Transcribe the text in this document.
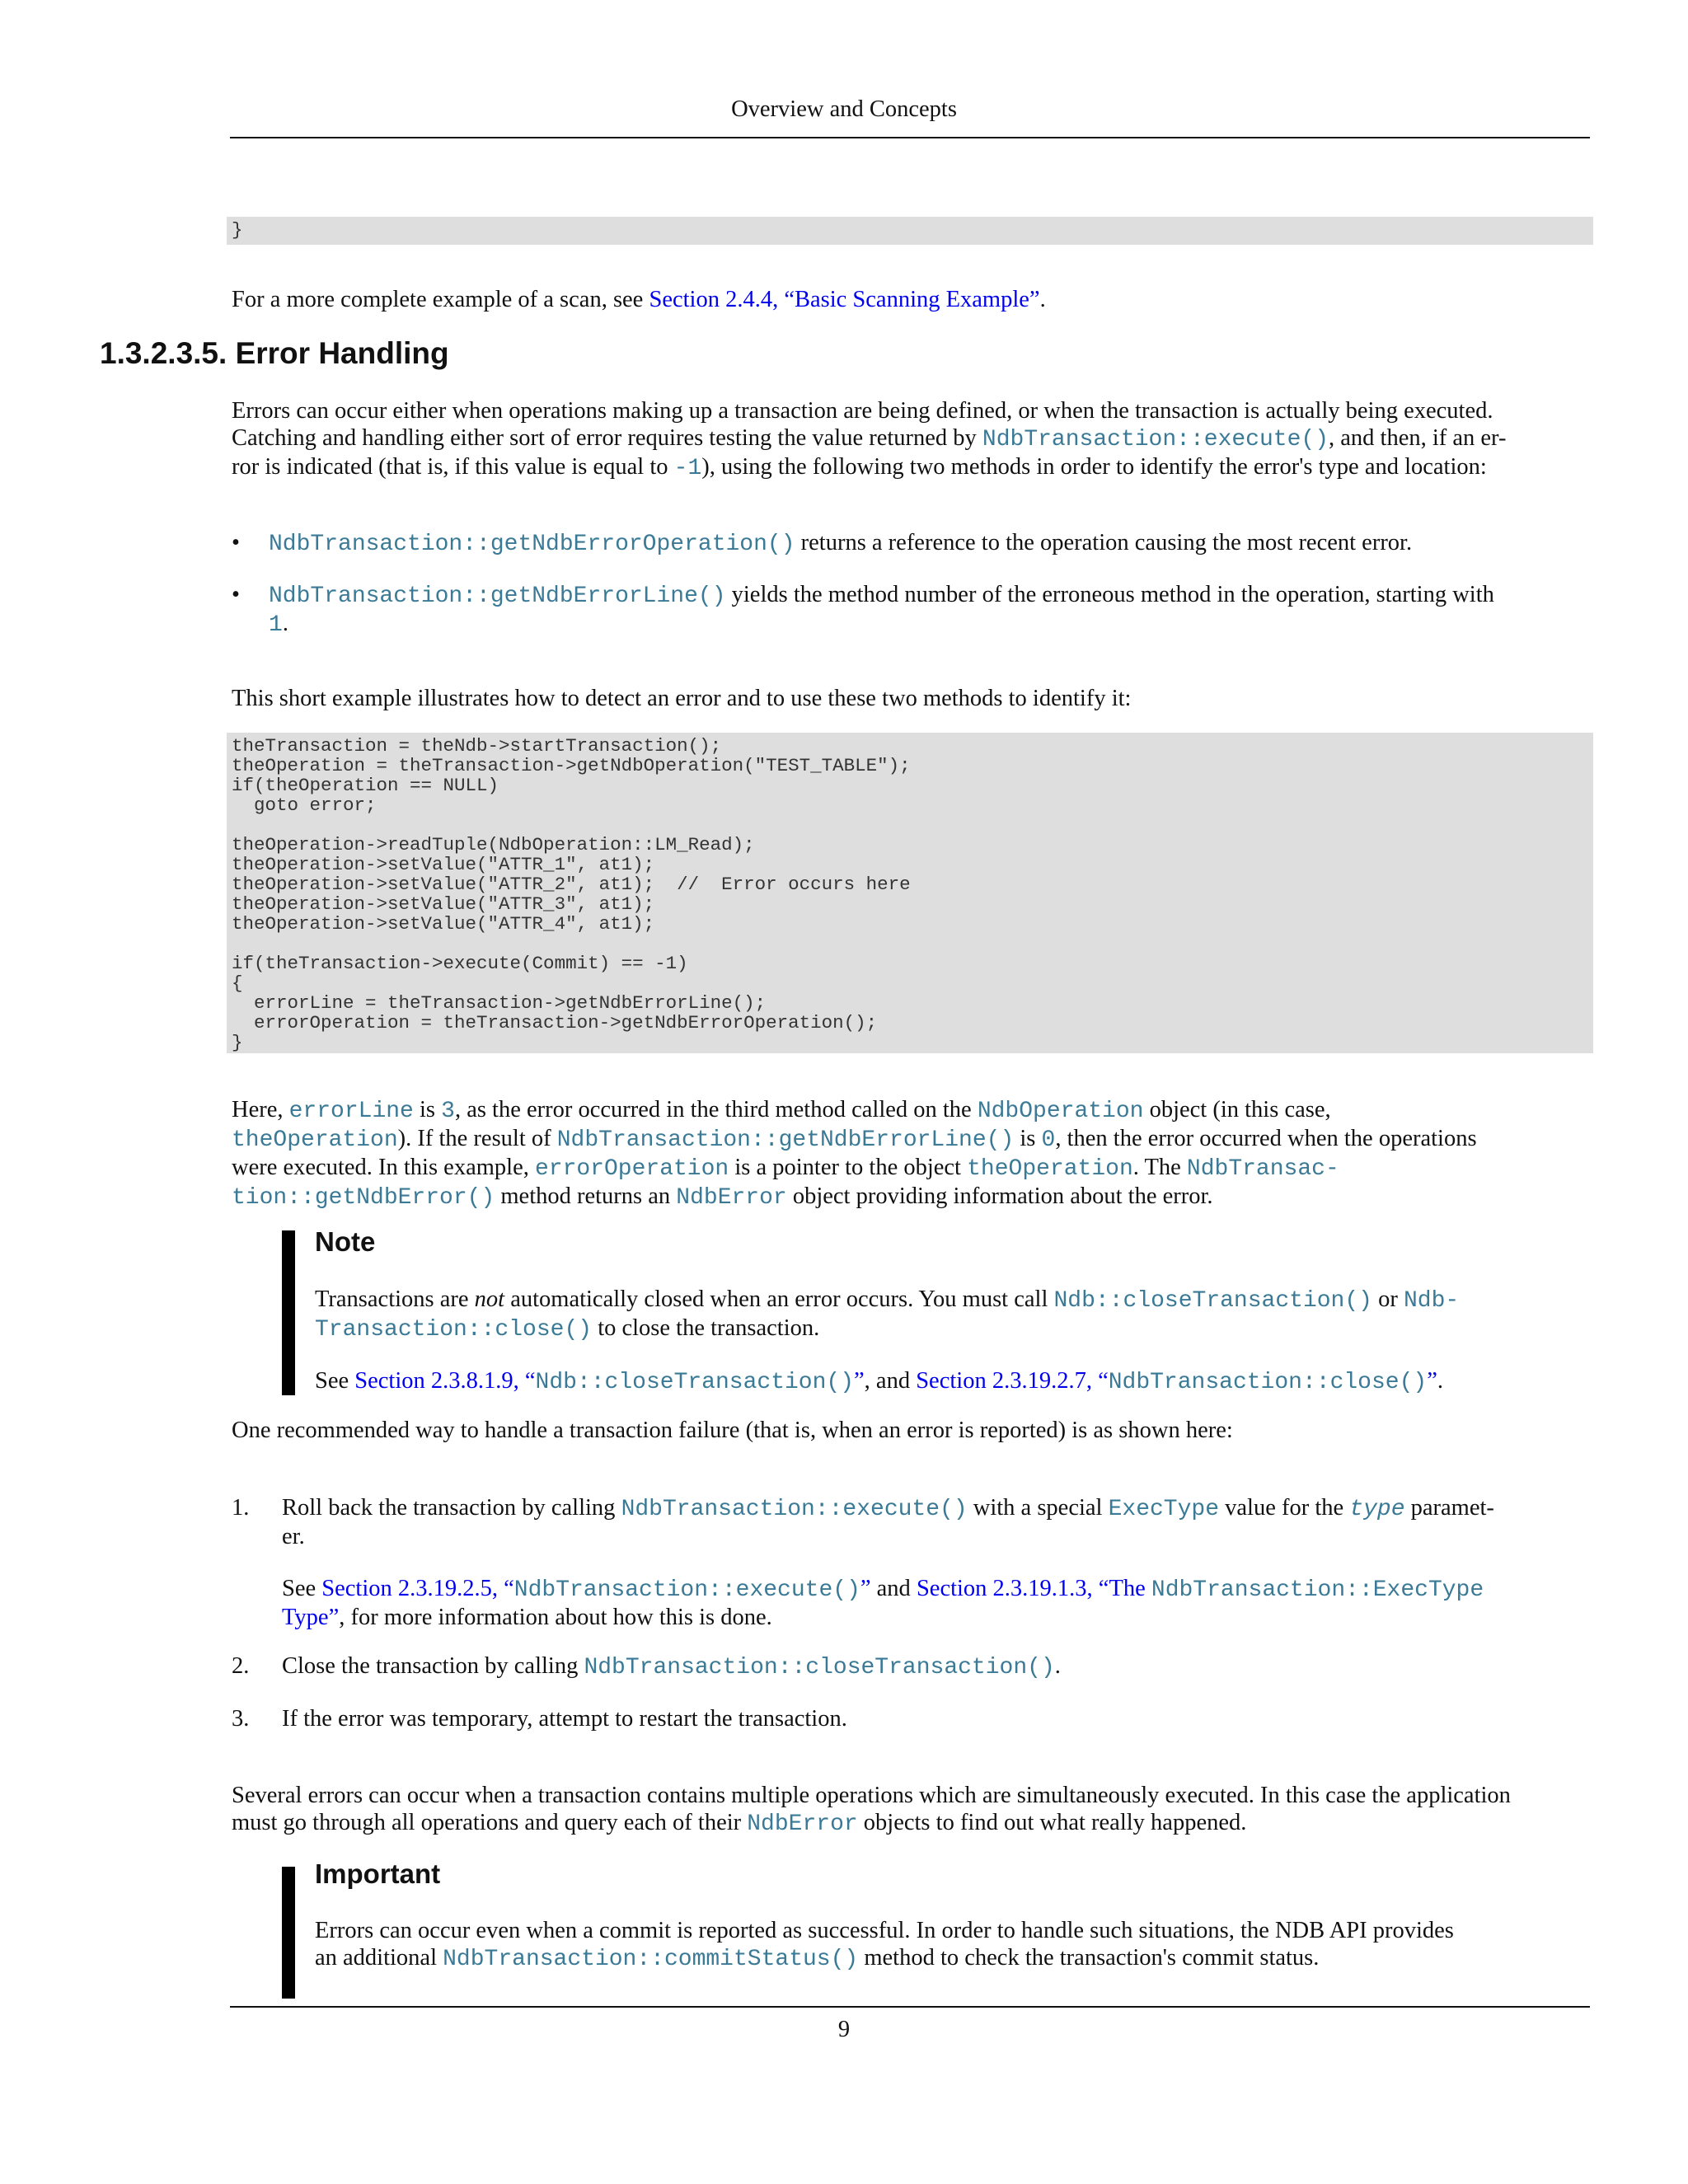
Overview and Concepts
}
For a more complete example of a scan, see Section 2.4.4, “Basic Scanning Example”.
1.3.2.3.5. Error Handling
Errors can occur either when operations making up a transaction are being defined, or when the transaction is actually being executed.
Catching and handling either sort of error requires testing the value returned by NdbTransaction::execute(), and then, if an er-
ror is indicated (that is, if this value is equal to -1), using the following two methods in order to identify the error's type and location:
• NdbTransaction::getNdbErrorOperation() returns a reference to the operation causing the most recent error.
• NdbTransaction::getNdbErrorLine() yields the method number of the erroneous method in the operation, starting with
1.
This short example illustrates how to detect an error and to use these two methods to identify it:
theTransaction = theNdb->startTransaction();
theOperation = theTransaction->getNdbOperation("TEST_TABLE");
if(theOperation == NULL)
goto error;

theOperation->readTuple(NdbOperation::LM_Read);
theOperation->setValue("ATTR_1", at1);
theOperation->setValue("ATTR_2", at1);  //  Error occurs here
theOperation->setValue("ATTR_3", at1);
theOperation->setValue("ATTR_4", at1);

if(theTransaction->execute(Commit) == -1)
{
errorLine = theTransaction->getNdbErrorLine();
errorOperation = theTransaction->getNdbErrorOperation();
}
Here, errorLine is 3, as the error occurred in the third method called on the NdbOperation object (in this case,
theOperation). If the result of NdbTransaction::getNdbErrorLine() is 0, then the error occurred when the operations
were executed. In this example, errorOperation is a pointer to the object theOperation. The NdbTransac-
tion::getNdbError() method returns an NdbError object providing information about the error.
Note
Transactions are not automatically closed when an error occurs. You must call Ndb::closeTransaction() or Ndb-
Transaction::close() to close the transaction.
See Section 2.3.8.1.9, “Ndb::closeTransaction()”, and Section 2.3.19.2.7, “NdbTransaction::close()”.
One recommended way to handle a transaction failure (that is, when an error is reported) is as shown here:
1. Roll back the transaction by calling NdbTransaction::execute() with a special ExecType value for the type paramet-
er.
See Section 2.3.19.2.5, “NdbTransaction::execute()” and Section 2.3.19.1.3, “The NdbTransaction::ExecType
Type”, for more information about how this is done.
2. Close the transaction by calling NdbTransaction::closeTransaction().
3. If the error was temporary, attempt to restart the transaction.
Several errors can occur when a transaction contains multiple operations which are simultaneously executed. In this case the application
must go through all operations and query each of their NdbError objects to find out what really happened.
Important
Errors can occur even when a commit is reported as successful. In order to handle such situations, the NDB API provides
an additional NdbTransaction::commitStatus() method to check the transaction's commit status.
9
